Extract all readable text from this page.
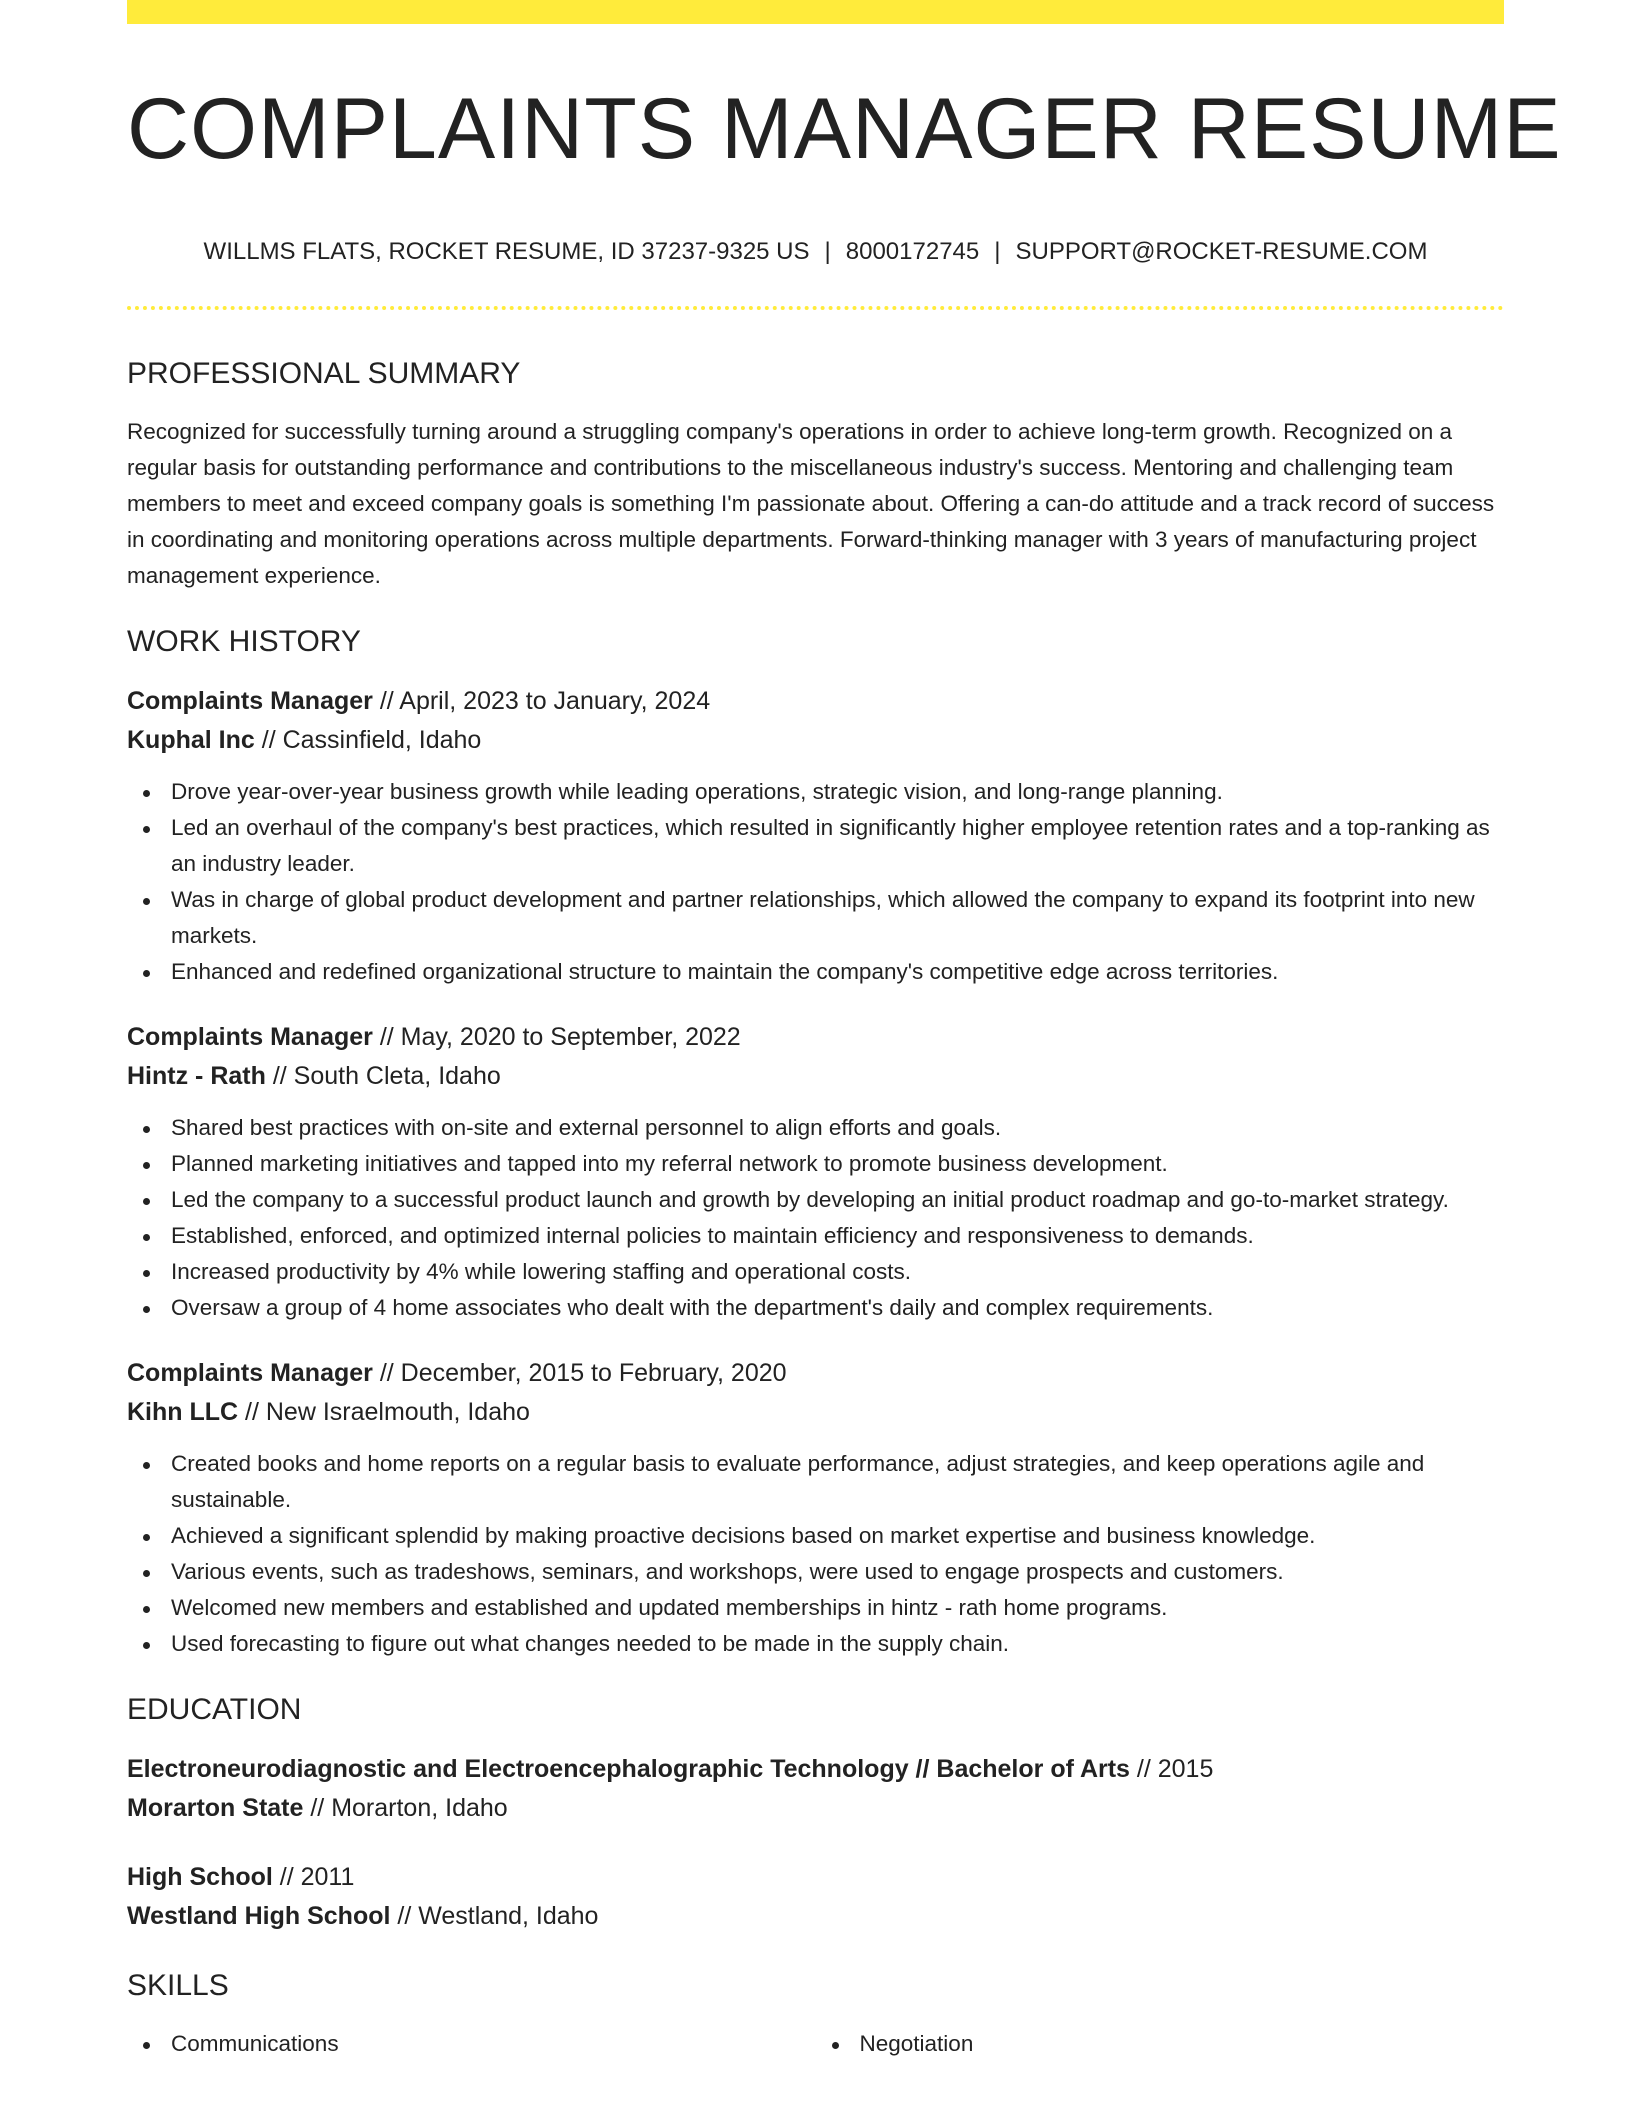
COMPLAINTS MANAGER RESUME
WILLMS FLATS, ROCKET RESUME, ID 37237-9325 US | 8000172745 | SUPPORT@ROCKET-RESUME.COM
PROFESSIONAL SUMMARY

Recognized for successfully turning around a struggling company's operations in order to achieve long-term growth. Recognized on a regular basis for outstanding performance and contributions to the miscellaneous industry's success. Mentoring and challenging team members to meet and exceed company goals is something I'm passionate about. Offering a can-do attitude and a track record of success in coordinating and monitoring operations across multiple departments. Forward-thinking manager with 3 years of manufacturing project management experience.

WORK HISTORY
Complaints Manager // April, 2023 to January, 2024
Kuphal Inc // Cassinfield, Idaho
Drove year-over-year business growth while leading operations, strategic vision, and long-range planning.
Led an overhaul of the company's best practices, which resulted in significantly higher employee retention rates and a top-ranking as an industry leader.
Was in charge of global product development and partner relationships, which allowed the company to expand its footprint into new markets.
Enhanced and redefined organizational structure to maintain the company's competitive edge across territories.
Complaints Manager // May, 2020 to September, 2022
Hintz - Rath // South Cleta, Idaho
Shared best practices with on-site and external personnel to align efforts and goals.
Planned marketing initiatives and tapped into my referral network to promote business development.
Led the company to a successful product launch and growth by developing an initial product roadmap and go-to-market strategy.
Established, enforced, and optimized internal policies to maintain efficiency and responsiveness to demands.
Increased productivity by 4% while lowering staffing and operational costs.
Oversaw a group of 4 home associates who dealt with the department's daily and complex requirements.
Complaints Manager // December, 2015 to February, 2020
Kihn LLC // New Israelmouth, Idaho
Created books and home reports on a regular basis to evaluate performance, adjust strategies, and keep operations agile and sustainable.
Achieved a significant splendid by making proactive decisions based on market expertise and business knowledge.
Various events, such as tradeshows, seminars, and workshops, were used to engage prospects and customers.
Welcomed new members and established and updated memberships in hintz - rath home programs.
Used forecasting to figure out what changes needed to be made in the supply chain.
EDUCATION
Electroneurodiagnostic and Electroencephalographic Technology // Bachelor of Arts // 2015
Morarton State // Morarton, Idaho
High School // 2011
Westland High School // Westland, Idaho
SKILLS
Communications	Negotiation
